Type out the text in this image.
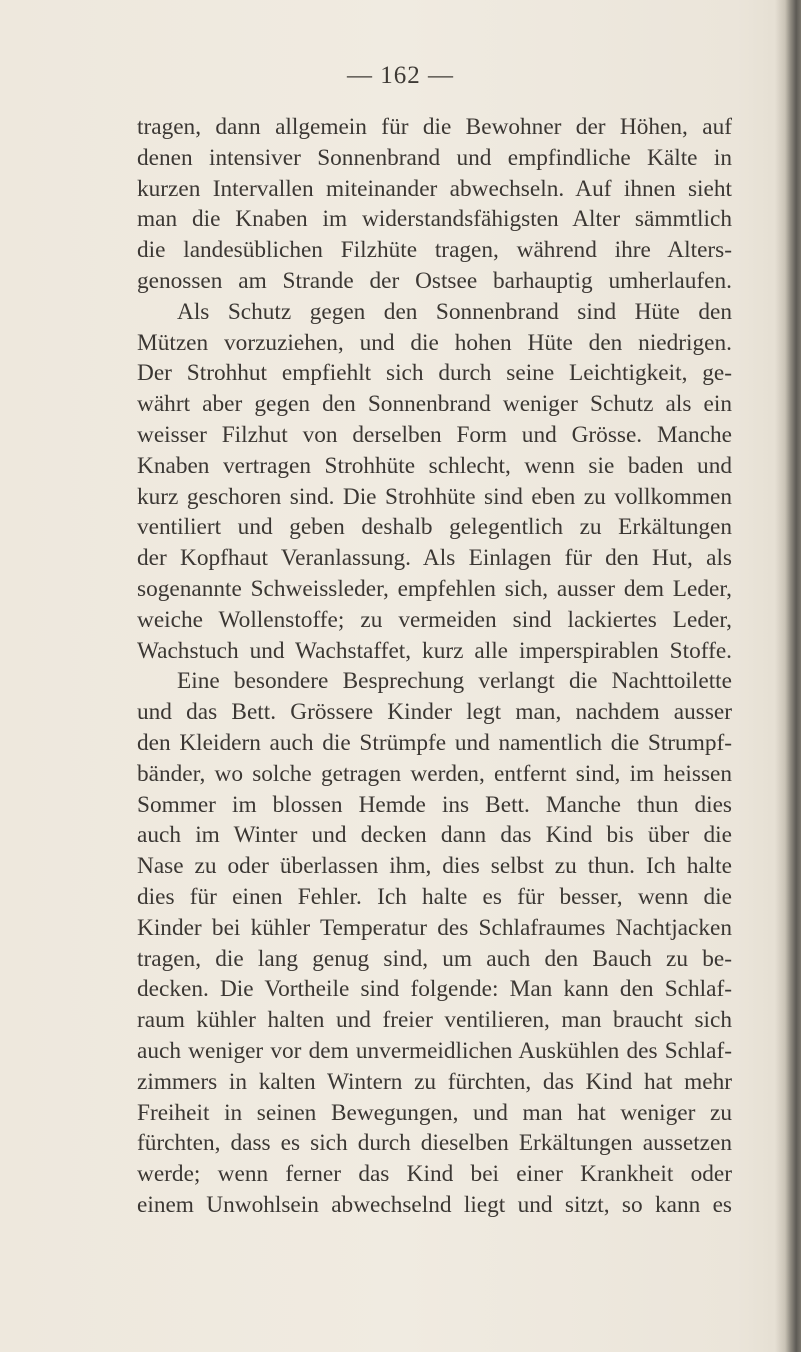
— 162 —
tragen, dann allgemein für die Bewohner der Höhen, auf
denen intensiver Sonnenbrand und empfindliche Kälte in
kurzen Intervallen miteinander abwechseln. Auf ihnen sieht
man die Knaben im widerstandsfähigsten Alter sämmtlich
die landesüblichen Filzhüte tragen, während ihre Alters-
genossen am Strande der Ostsee barhauptig umherlaufen.
Als Schutz gegen den Sonnenbrand sind Hüte den
Mützen vorzuziehen, und die hohen Hüte den niedrigen.
Der Strohhut empfiehlt sich durch seine Leichtigkeit, ge-
währt aber gegen den Sonnenbrand weniger Schutz als ein
weisser Filzhut von derselben Form und Grösse. Manche
Knaben vertragen Strohhüte schlecht, wenn sie baden und
kurz geschoren sind. Die Strohhüte sind eben zu vollkommen
ventiliert und geben deshalb gelegentlich zu Erkältungen
der Kopfhaut Veranlassung. Als Einlagen für den Hut, als
sogenannte Schweissleder, empfehlen sich, ausser dem Leder,
weiche Wollenstoffe; zu vermeiden sind lackiertes Leder,
Wachstuch und Wachstaffet, kurz alle imperspirablen Stoffe.
Eine besondere Besprechung verlangt die Nachttoilette
und das Bett. Grössere Kinder legt man, nachdem ausser
den Kleidern auch die Strümpfe und namentlich die Strumpf-
bänder, wo solche getragen werden, entfernt sind, im heissen
Sommer im blossen Hemde ins Bett. Manche thun dies
auch im Winter und decken dann das Kind bis über die
Nase zu oder überlassen ihm, dies selbst zu thun. Ich halte
dies für einen Fehler. Ich halte es für besser, wenn die
Kinder bei kühler Temperatur des Schlafraumes Nachtjacken
tragen, die lang genug sind, um auch den Bauch zu be-
decken. Die Vortheile sind folgende: Man kann den Schlaf-
raum kühler halten und freier ventilieren, man braucht sich
auch weniger vor dem unvermeidlichen Auskühlen des Schlaf-
zimmers in kalten Wintern zu fürchten, das Kind hat mehr
Freiheit in seinen Bewegungen, und man hat weniger zu
fürchten, dass es sich durch dieselben Erkältungen aussetzen
werde; wenn ferner das Kind bei einer Krankheit oder
einem Unwohlsein abwechselnd liegt und sitzt, so kann es
